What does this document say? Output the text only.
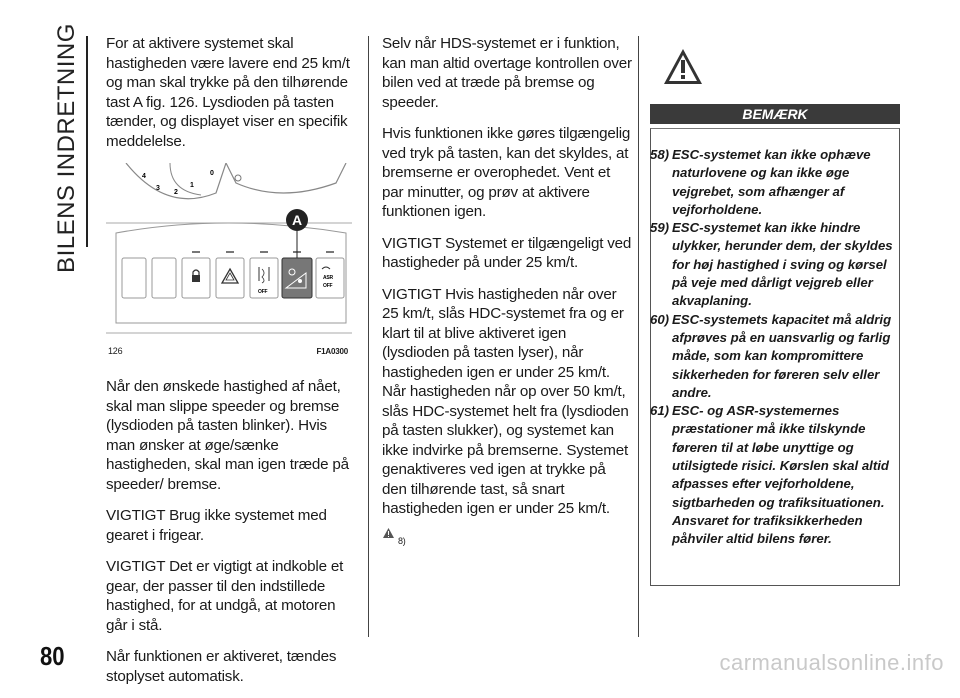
BILENS INDRETNING
80

For at aktivere systemet skal hastigheden være lavere end 25 km/t og man skal trykke på den tilhørende tast A fig. 126. Lysdioden på tasten tænder, og displayet viser en specifik meddelelse.

4
3
2
1
0
OFF
ASR
OFF
A
126	F1A0300

Når den ønskede hastighed af nået, skal man slippe speeder og bremse (lysdioden på tasten blinker). Hvis man ønsker at øge/sænke hastigheden, skal man igen træde på speeder/ bremse.

VIGTIGT Brug ikke systemet med gearet i frigear.

VIGTIGT Det er vigtigt at indkoble et gear, der passer til den indstillede hastighed, for at undgå, at motoren går i stå.

Når funktionen er aktiveret, tændes stoplyset automatisk.

Selv når HDS-systemet er i funktion, kan man altid overtage kontrollen over bilen ved at træde på bremse og speeder.

Hvis funktionen ikke gøres tilgængelig ved tryk på tasten, kan det skyldes, at bremserne er overophedet. Vent et par minutter, og prøv at aktivere funktionen igen.

VIGTIGT Systemet er tilgængeligt ved hastigheder på under 25 km/t.

VIGTIGT Hvis hastigheden når over 25 km/t, slås HDC-systemet fra og er klart til at blive aktiveret igen (lysdioden på tasten lyser), når hastigheden igen er under 25 km/t. Når hastigheden når op over 50 km/t, slås HDC-systemet helt fra (lysdioden på tasten slukker), og systemet kan ikke indvirke på bremserne. Systemet genaktiveres ved igen at trykke på den tilhørende tast, så snart hastigheden igen er under 25 km/t.

8)
BEMÆRK
58) ESC-systemet kan ikke ophæve naturlovene og kan ikke øge vejgrebet, som afhænger af vejforholdene.
59) ESC-systemet kan ikke hindre ulykker, herunder dem, der skyldes for høj hastighed i sving og kørsel på veje med dårligt vejgreb eller akvaplaning.
60) ESC-systemets kapacitet må aldrig afprøves på en uansvarlig og farlig måde, som kan kompromittere sikkerheden for føreren selv eller andre.
61) ESC- og ASR-systemernes præstationer må ikke tilskynde føreren til at løbe unyttige og utilsigtede risici. Kørslen skal altid afpasses efter vejforholdene, sigtbarheden og trafiksituationen. Ansvaret for trafiksikkerheden påhviler altid bilens fører.
carmanualsonline.info
